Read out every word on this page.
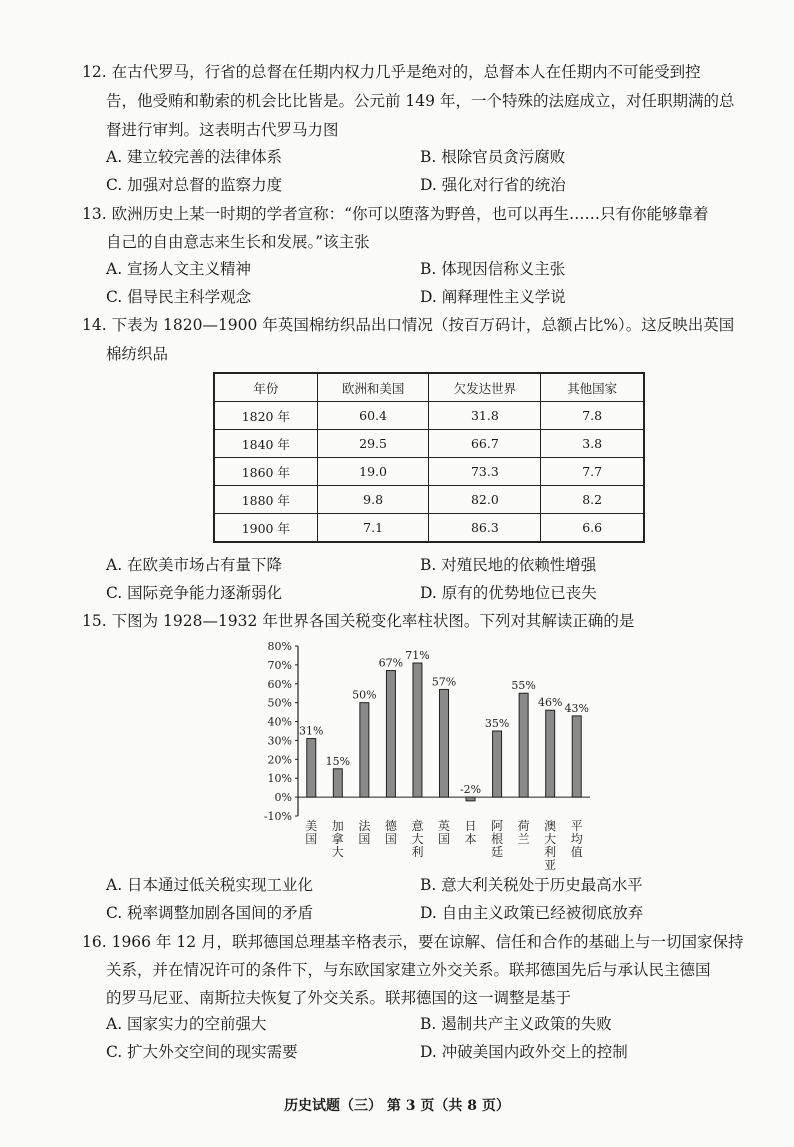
12. 在古代罗马，行省的总督在任期内权力几乎是绝对的，总督本人在任期内不可能受到控
告，他受贿和勒索的机会比比皆是。公元前 149 年，一个特殊的法庭成立，对任职期满的总
督进行审判。这表明古代罗马力图
A. 建立较完善的法律体系	B. 根除官员贪污腐败
C. 加强对总督的监察力度	D. 强化对行省的统治
13. 欧洲历史上某一时期的学者宣称：“你可以堕落为野兽，也可以再生……只有你能够靠着
自己的自由意志来生长和发展。”该主张
A. 宣扬人文主义精神	B. 体现因信称义主张
C. 倡导民主科学观念	D. 阐释理性主义学说
14. 下表为 1820—1900 年英国棉纺织品出口情况（按百万码计，总额占比%）。这反映出英国
棉纺织品
年份	欧洲和美国	欠发达世界	其他国家
1820 年	60.4	31.8	7.8
1840 年	29.5	66.7	3.8
1860 年	19.0	73.3	7.7
1880 年	9.8	82.0	8.2
1900 年	7.1	86.3	6.6
A. 在欧美市场占有量下降	B. 对殖民地的依赖性增强
C. 国际竞争能力逐渐弱化	D. 原有的优势地位已丧失
15. 下图为 1928—1932 年世界各国关税变化率柱状图。下列对其解读正确的是
80%
70%
60%
50%
40%
30%
20%
10%
0%
-10%
31%
美国
15%
加拿大
50%
法国
67%
德国
71%
意大利
57%
英国
-2%
日本
35%
阿根廷
55%
荷兰
46%
澳大利亚
43%
平均值
A. 日本通过低关税实现工业化	B. 意大利关税处于历史最高水平
C. 税率调整加剧各国间的矛盾	D. 自由主义政策已经被彻底放弃
16. 1966 年 12 月，联邦德国总理基辛格表示，要在谅解、信任和合作的基础上与一切国家保持
关系，并在情况许可的条件下，与东欧国家建立外交关系。联邦德国先后与承认民主德国
的罗马尼亚、南斯拉夫恢复了外交关系。联邦德国的这一调整是基于
A. 国家实力的空前强大	B. 遏制共产主义政策的失败
C. 扩大外交空间的现实需要	D. 冲破美国内政外交上的控制
历史试题（三） 第 3 页（共 8 页）
